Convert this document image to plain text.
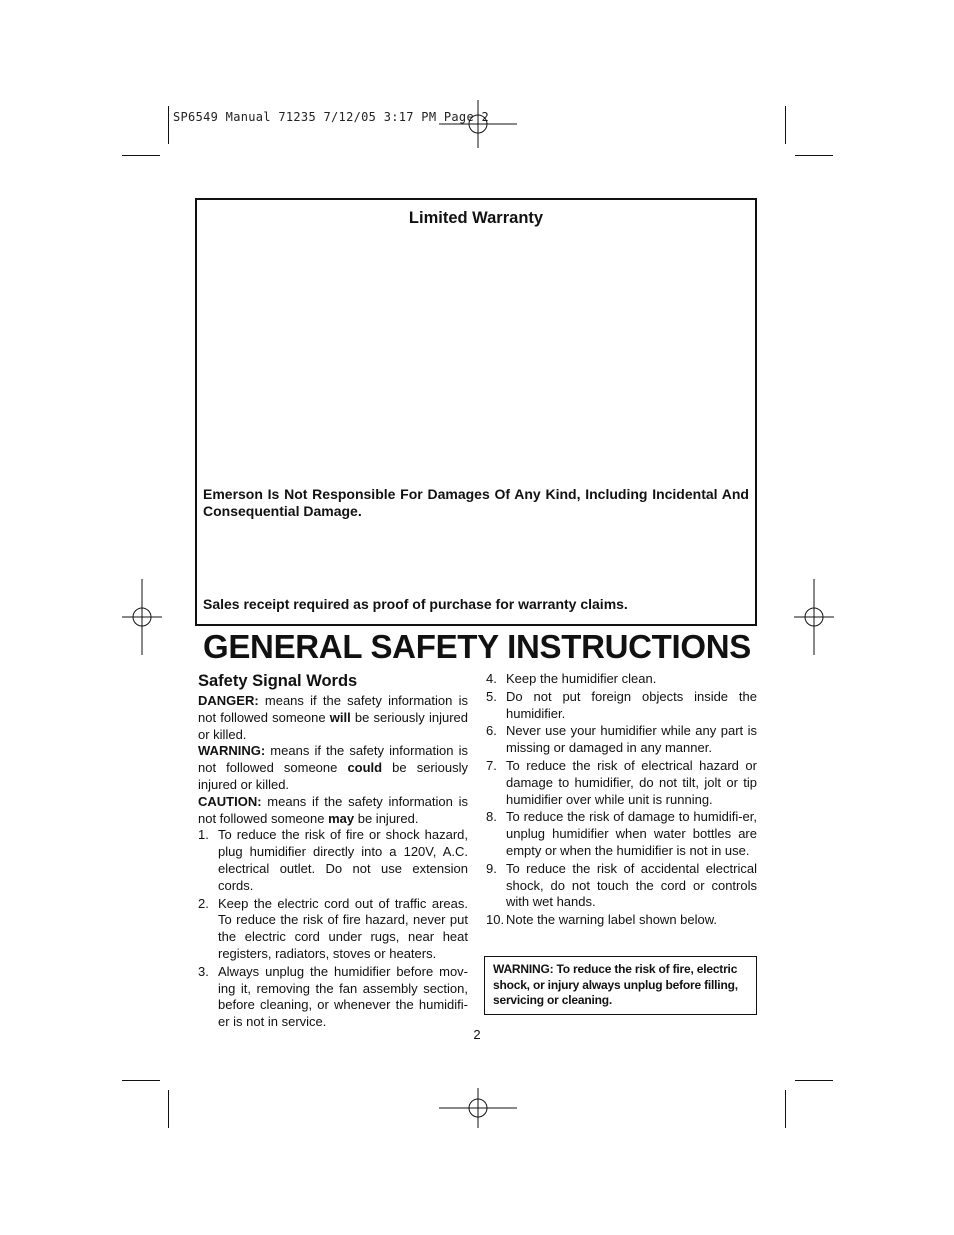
SP6549 Manual 71235 7/12/05 3:17 PM Page 2
Limited Warranty
Emerson Is Not Responsible For Damages Of Any Kind, Including Incidental And Consequential Damage.
Sales receipt required as proof of purchase for warranty claims.
GENERAL SAFETY INSTRUCTIONS
Safety Signal Words
DANGER: means if the safety information is not followed someone will be seriously injured or killed.
WARNING: means if the safety information is not followed someone could be seriously injured or killed.
CAUTION: means if the safety information is not followed someone may be injured.
1. To reduce the risk of fire or shock hazard, plug humidifier directly into a 120V, A.C. electrical outlet. Do not use extension cords.
2. Keep the electric cord out of traffic areas. To reduce the risk of fire hazard, never put the electric cord under rugs, near heat registers, radiators, stoves or heaters.
3. Always unplug the humidifier before mov-ing it, removing the fan assembly section, before cleaning, or whenever the humidifi-er is not in service.
4. Keep the humidifier clean.
5. Do not put foreign objects inside the humidifier.
6. Never use your humidifier while any part is missing or damaged in any manner.
7. To reduce the risk of electrical hazard or damage to humidifier, do not tilt, jolt or tip humidifier over while unit is running.
8. To reduce the risk of damage to humidifi-er, unplug humidifier when water bottles are empty or when the humidifier is not in use.
9. To reduce the risk of accidental electrical shock, do not touch the cord or controls with wet hands.
10. Note the warning label shown below.
WARNING: To reduce the risk of fire, electric shock, or injury always unplug before filling, servicing or cleaning.
2
